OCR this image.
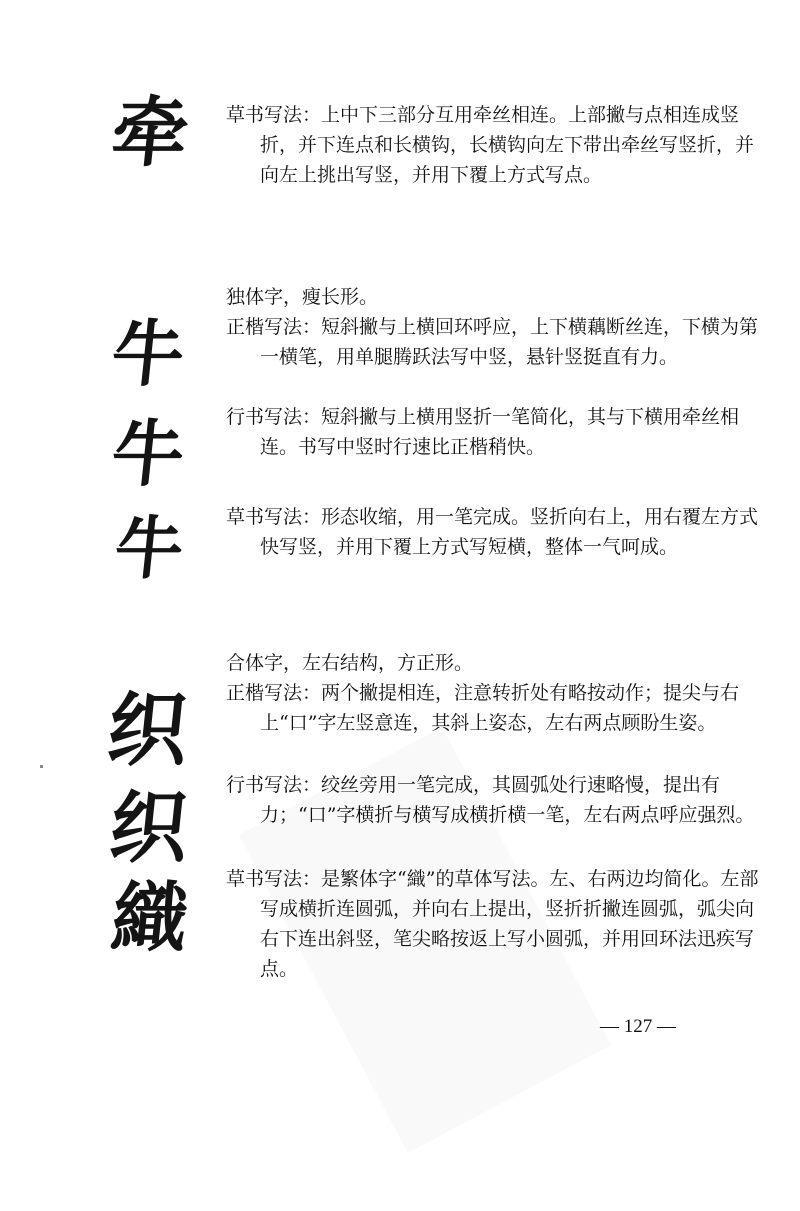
牵 草书写法：上中下三部分互用牵丝相连。上部撇与点相连成竖折，并下连点和长横钩，长横钩向左下带出牵丝写竖折，并向左上挑出写竖，并用下覆上方式写点。

牛
牛
牛

独体字，瘦长形。

正楷写法：短斜撇与上横回环呼应，上下横藕断丝连，下横为第一横笔，用单腿腾跃法写中竖，悬针竖挺直有力。

行书写法：短斜撇与上横用竖折一笔简化，其与下横用牵丝相连。书写中竖时行速比正楷稍快。

草书写法：形态收缩，用一笔完成。竖折向右上，用右覆左方式快写竖，并用下覆上方式写短横，整体一气呵成。

织
织
織

合体字，左右结构，方正形。

正楷写法：两个撇提相连，注意转折处有略按动作；提尖与右上“口”字左竖意连，其斜上姿态，左右两点顾盼生姿。

行书写法：绞丝旁用一笔完成，其圆弧处行速略慢，提出有力；“口”字横折与横写成横折横一笔，左右两点呼应强烈。

草书写法：是繁体字“織”的草体写法。左、右两边均简化。左部写成横折连圆弧，并向右上提出，竖折折撇连圆弧，弧尖向右下连出斜竖，笔尖略按返上写小圆弧，并用回环法迅疾写点。

— 127 —
